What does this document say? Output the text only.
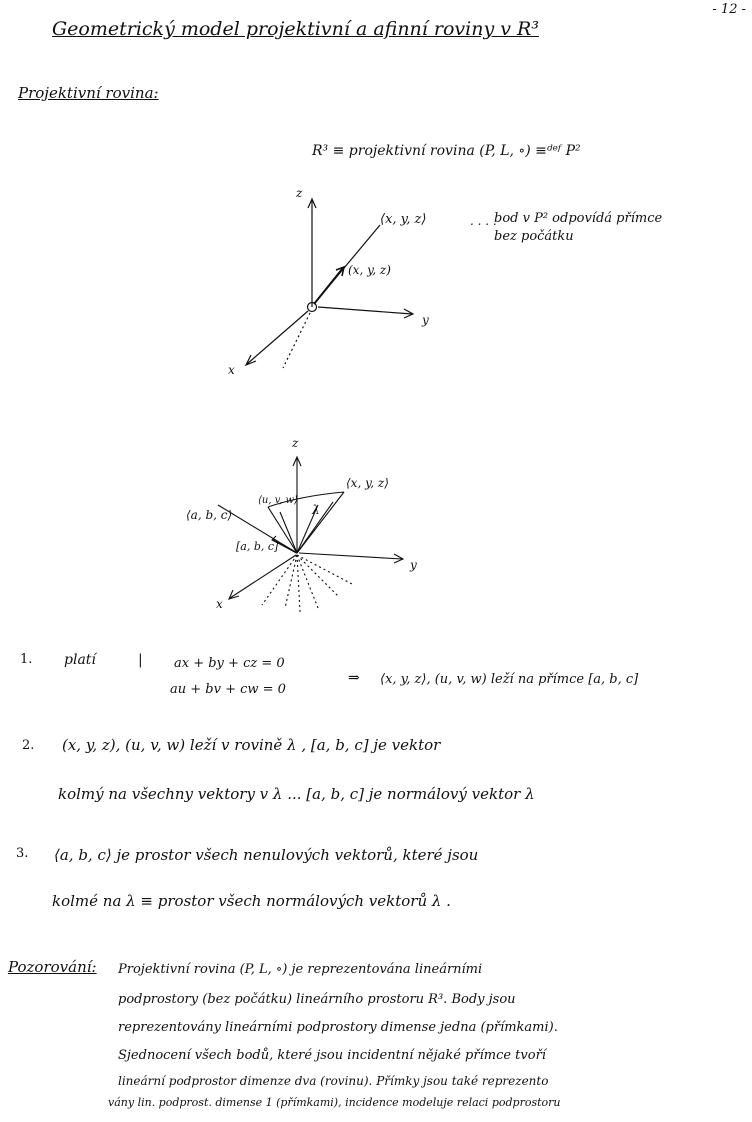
- 12 -
Geometrický model projektivní a afinní roviny v R³
Projektivní rovina:
R³ ≡ projektivní rovina (P, L, ∘) ≡ᵈᵉᶠ P²
z
y
x
⟨x, y, z⟩	. . . .
(x, y, z)
bod v P² odpovídá přímce
bez počátku
z
y
x
⟨x, y, z⟩
⟨u, v, w⟩
⟨a, b, c⟩
[a, b, c]
λ
1. platí	| ax + by + cz = 0
au + bv + cw = 0
⇒ ⟨x, y, z⟩, (u, v, w) leží na přímce [a, b, c]
2. (x, y, z), (u, v, w) leží v rovině λ , [a, b, c] je vektor
kolmý na všechny vektory v λ ... [a, b, c] je normálový vektor λ
3. ⟨a, b, c⟩ je prostor všech nenulových vektorů, které jsou
kolmé na λ ≡ prostor všech normálových vektorů λ .
Pozorování: Projektivní rovina (P, L, ∘) je reprezentována lineárními
podprostory (bez počátku) lineárního prostoru R³. Body jsou
reprezentovány lineárními podprostory dimense jedna (přímkami).
Sjednocení všech bodů, které jsou incidentní nějaké přímce tvoří
lineární podprostor dimenze dva (rovinu). Přímky jsou také reprezento
vány lin. podprost. dimense 1 (přímkami), incidence modeluje relaci podprostoru
